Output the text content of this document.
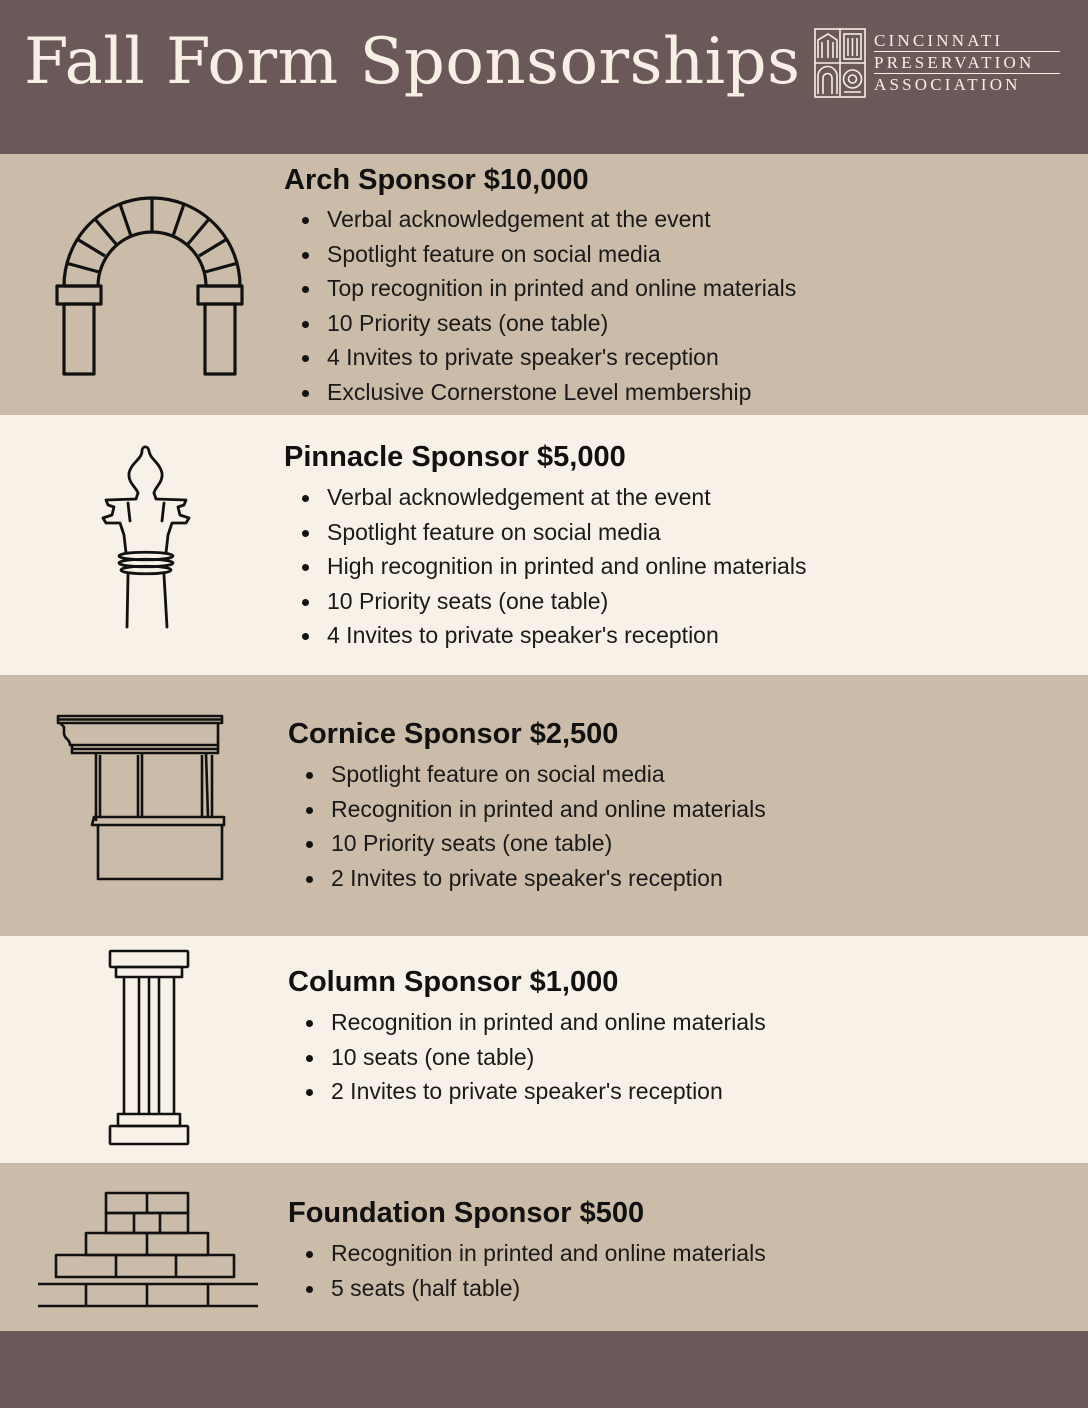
Fall Form Sponsorships	CINCINNATI
PRESERVATION
ASSOCIATION
Arch Sponsor $10,000
Verbal acknowledgement at the event
Spotlight feature on social media
Top recognition in printed and online materials
10 Priority seats (one table)
4 Invites to private speaker's reception
Exclusive Cornerstone Level membership
Pinnacle Sponsor $5,000
Verbal acknowledgement at the event
Spotlight feature on social media
High recognition in printed and online materials
10 Priority seats (one table)
4 Invites to private speaker's reception
Cornice Sponsor $2,500
Spotlight feature on social media
Recognition in printed and online materials
10 Priority seats (one table)
2 Invites to private speaker's reception
Column Sponsor $1,000
Recognition in printed and online materials
10 seats (one table)
2 Invites to private speaker's reception
Foundation Sponsor $500
Recognition in printed and online materials
5 seats (half table)
